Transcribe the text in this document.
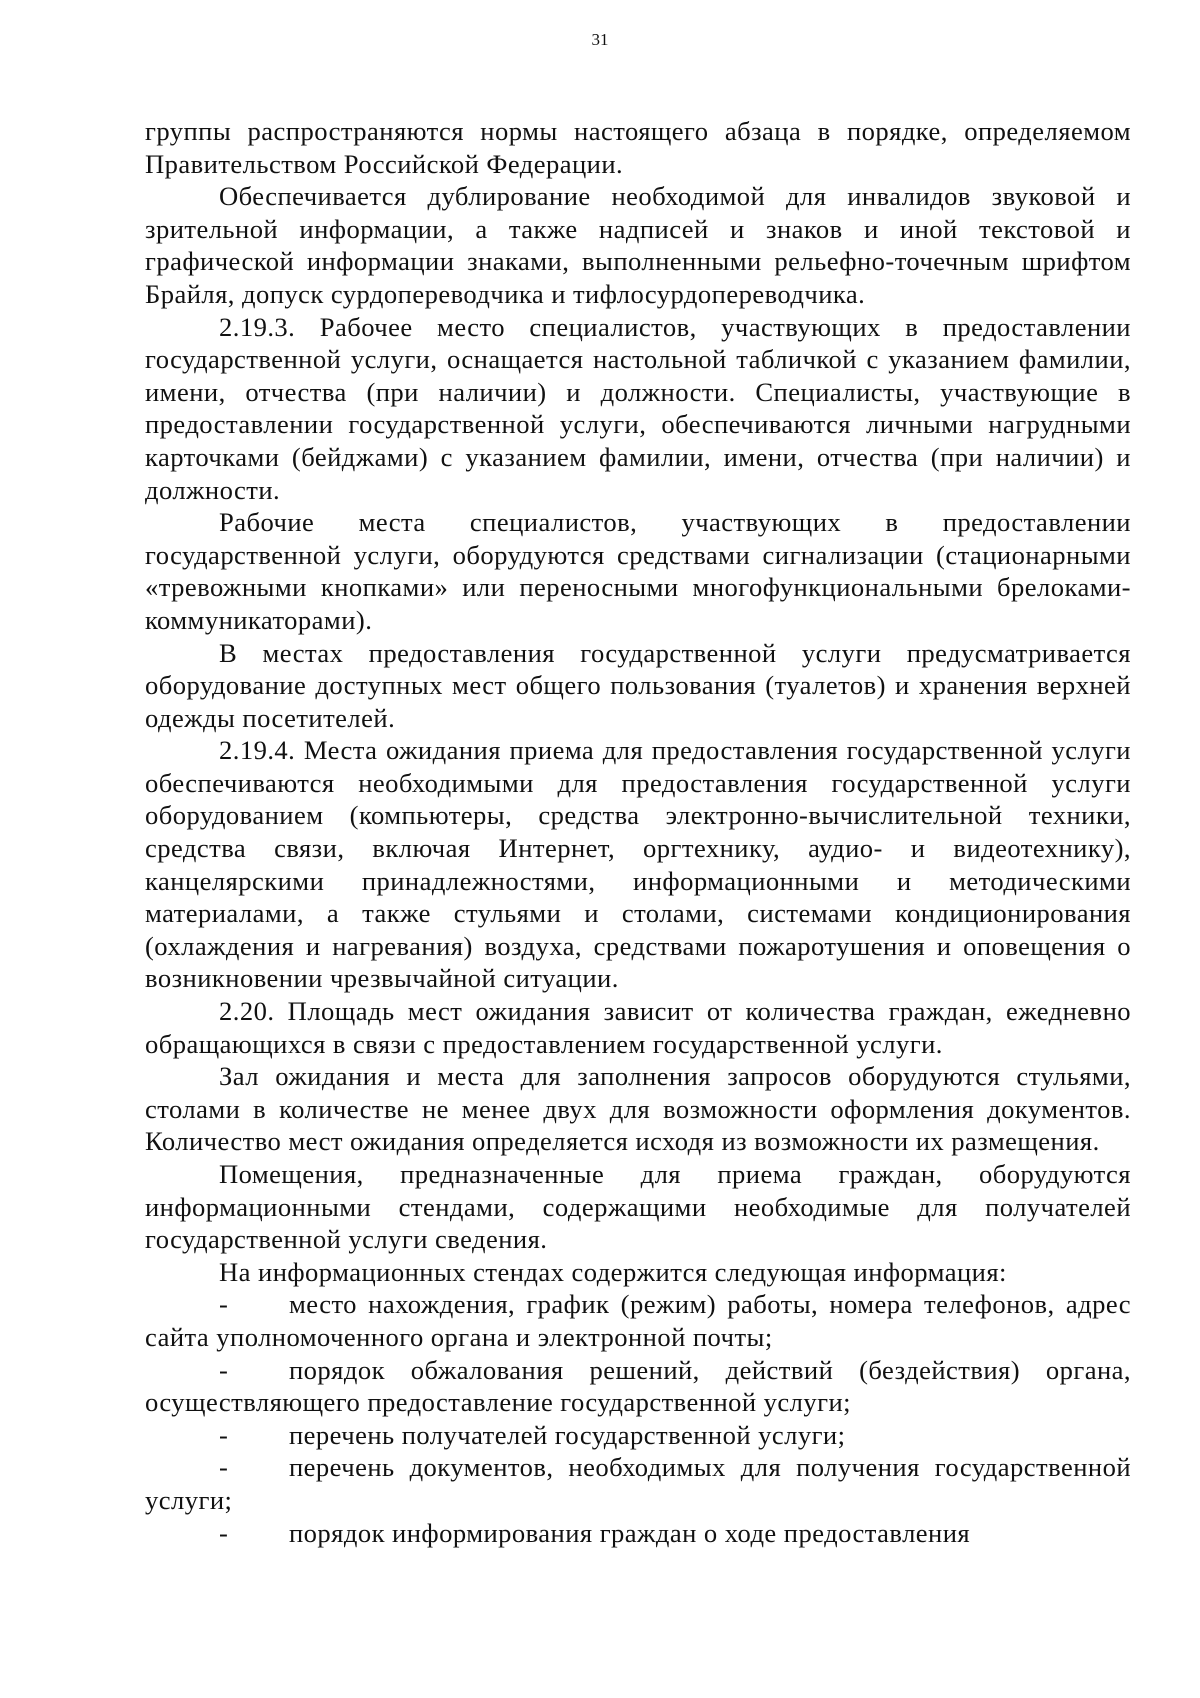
31

группы распространяются нормы настоящего абзаца в порядке, определяемом Правительством Российской Федерации.

Обеспечивается дублирование необходимой для инвалидов звуковой и зрительной информации, а также надписей и знаков и иной текстовой и графической информации знаками, выполненными рельефно-точечным шрифтом Брайля, допуск сурдопереводчика и тифлосурдопереводчика.

2.19.3. Рабочее место специалистов, участвующих в предоставлении государственной услуги, оснащается настольной табличкой с указанием фамилии, имени, отчества (при наличии) и должности. Специалисты, участвующие в предоставлении государственной услуги, обеспечиваются личными нагрудными карточками (бейджами) с указанием фамилии, имени, отчества (при наличии) и должности.

Рабочие места специалистов, участвующих в предоставлении государственной услуги, оборудуются средствами сигнализации (стационарными «тревожными кнопками» или переносными многофункциональными брелоками-коммуникаторами).

В местах предоставления государственной услуги предусматривается оборудование доступных мест общего пользования (туалетов) и хранения верхней одежды посетителей.

2.19.4. Места ожидания приема для предоставления государственной услуги обеспечиваются необходимыми для предоставления государственной услуги оборудованием (компьютеры, средства электронно-вычислительной техники, средства связи, включая Интернет, оргтехнику, аудио- и видеотехнику), канцелярскими принадлежностями, информационными и методическими материалами, а также стульями и столами, системами кондиционирования (охлаждения и нагревания) воздуха, средствами пожаротушения и оповещения о возникновении чрезвычайной ситуации.

2.20. Площадь мест ожидания зависит от количества граждан, ежедневно обращающихся в связи с предоставлением государственной услуги.

Зал ожидания и места для заполнения запросов оборудуются стульями, столами в количестве не менее двух для возможности оформления документов. Количество мест ожидания определяется исходя из возможности их размещения.

Помещения, предназначенные для приема граждан, оборудуются информационными стендами, содержащими необходимые для получателей государственной услуги сведения.

На информационных стендах содержится следующая информация:

- место нахождения, график (режим) работы, номера телефонов, адрес сайта уполномоченного органа и электронной почты;

- порядок обжалования решений, действий (бездействия) органа, осуществляющего предоставление государственной услуги;

- перечень получателей государственной услуги;

- перечень документов, необходимых для получения государственной услуги;

- порядок информирования граждан о ходе предоставления
